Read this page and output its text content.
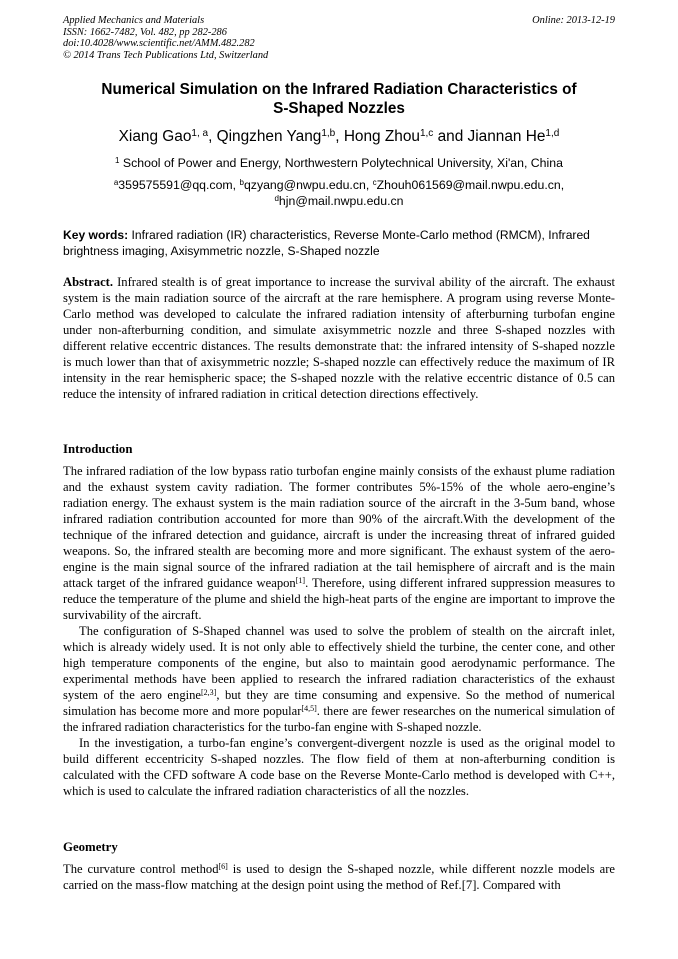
Applied Mechanics and Materials
ISSN: 1662-7482, Vol. 482, pp 282-286
doi:10.4028/www.scientific.net/AMM.482.282
© 2014 Trans Tech Publications Ltd, Switzerland
Online: 2013-12-19
Numerical Simulation on the Infrared Radiation Characteristics of
S-Shaped Nozzles
Xiang Gao$^{1, a}$, Qingzhen Yang$^{1,b}$, Hong Zhou$^{1,c}$ and Jiannan He$^{1,d}$
$^1$ School of Power and Energy, Northwestern Polytechnical University, Xi'an, China
$^a$359575591@qq.com, $^b$qzyang@nwpu.edu.cn, $^c$Zhouh061569@mail.nwpu.edu.cn,
$^d$hjn@mail.nwpu.edu.cn
Key words: Infrared radiation (IR) characteristics, Reverse Monte-Carlo method (RMCM), Infrared brightness imaging, Axisymmetric nozzle, S-Shaped nozzle
Abstract. Infrared stealth is of great importance to increase the survival ability of the aircraft. The exhaust system is the main radiation source of the aircraft at the rare hemisphere. A program using reverse Monte-Carlo method was developed to calculate the infrared radiation intensity of afterburning turbofan engine under non-afterburning condition, and simulate axisymmetric nozzle and three S-shaped nozzles with different relative eccentric distances. The results demonstrate that: the infrared intensity of S-shaped nozzle is much lower than that of axisymmetric nozzle; S-shaped nozzle can effectively reduce the maximum of IR intensity in the rear hemispheric space; the S-shaped nozzle with the relative eccentric distance of 0.5 can reduce the intensity of infrared radiation in critical detection directions effectively.
Introduction

The infrared radiation of the low bypass ratio turbofan engine mainly consists of the exhaust plume radiation and the exhaust system cavity radiation. The former contributes 5%-15% of the whole aero-engine’s radiation energy. The exhaust system is the main radiation source of the aircraft in the 3-5um band, whose infrared radiation contribution accounted for more than 90% of the aircraft.With the development of the technique of the infrared detection and guidance, aircraft is under the increasing threat of infrared guided weapons. So, the infrared stealth are becoming more and more significant. The exhaust system of the aero-engine is the main signal source of the infrared radiation at the tail hemisphere of aircraft and is the main attack target of the infrared guidance weapon[1]. Therefore, using different infrared suppression measures to reduce the temperature of the plume and shield the high-heat parts of the engine are important to improve the survivability of the aircraft.

The configuration of S-Shaped channel was used to solve the problem of stealth on the aircraft inlet, which is already widely used. It is not only able to effectively shield the turbine, the center cone, and other high temperature components of the engine, but also to maintain good aerodynamic performance. The experimental methods have been applied to research the infrared radiation characteristics of the exhaust system of the aero engine[2,3], but they are time consuming and expensive. So the method of numerical simulation has become more and more popular[4,5]. there are fewer researches on the numerical simulation of the infrared radiation characteristics for the turbo-fan engine with S-shaped nozzle.

In the investigation, a turbo-fan engine’s convergent-divergent nozzle is used as the original model to build different eccentricity S-shaped nozzles. The flow field of them at non-afterburning condition is calculated with the CFD software A code base on the Reverse Monte-Carlo method is developed with C++, which is used to calculate the infrared radiation characteristics of all the nozzles.

Geometry
The curvature control method[6] is used to design the S-shaped nozzle, while different nozzle models are carried on the mass-flow matching at the design point using the method of Ref.[7]. Compared with
